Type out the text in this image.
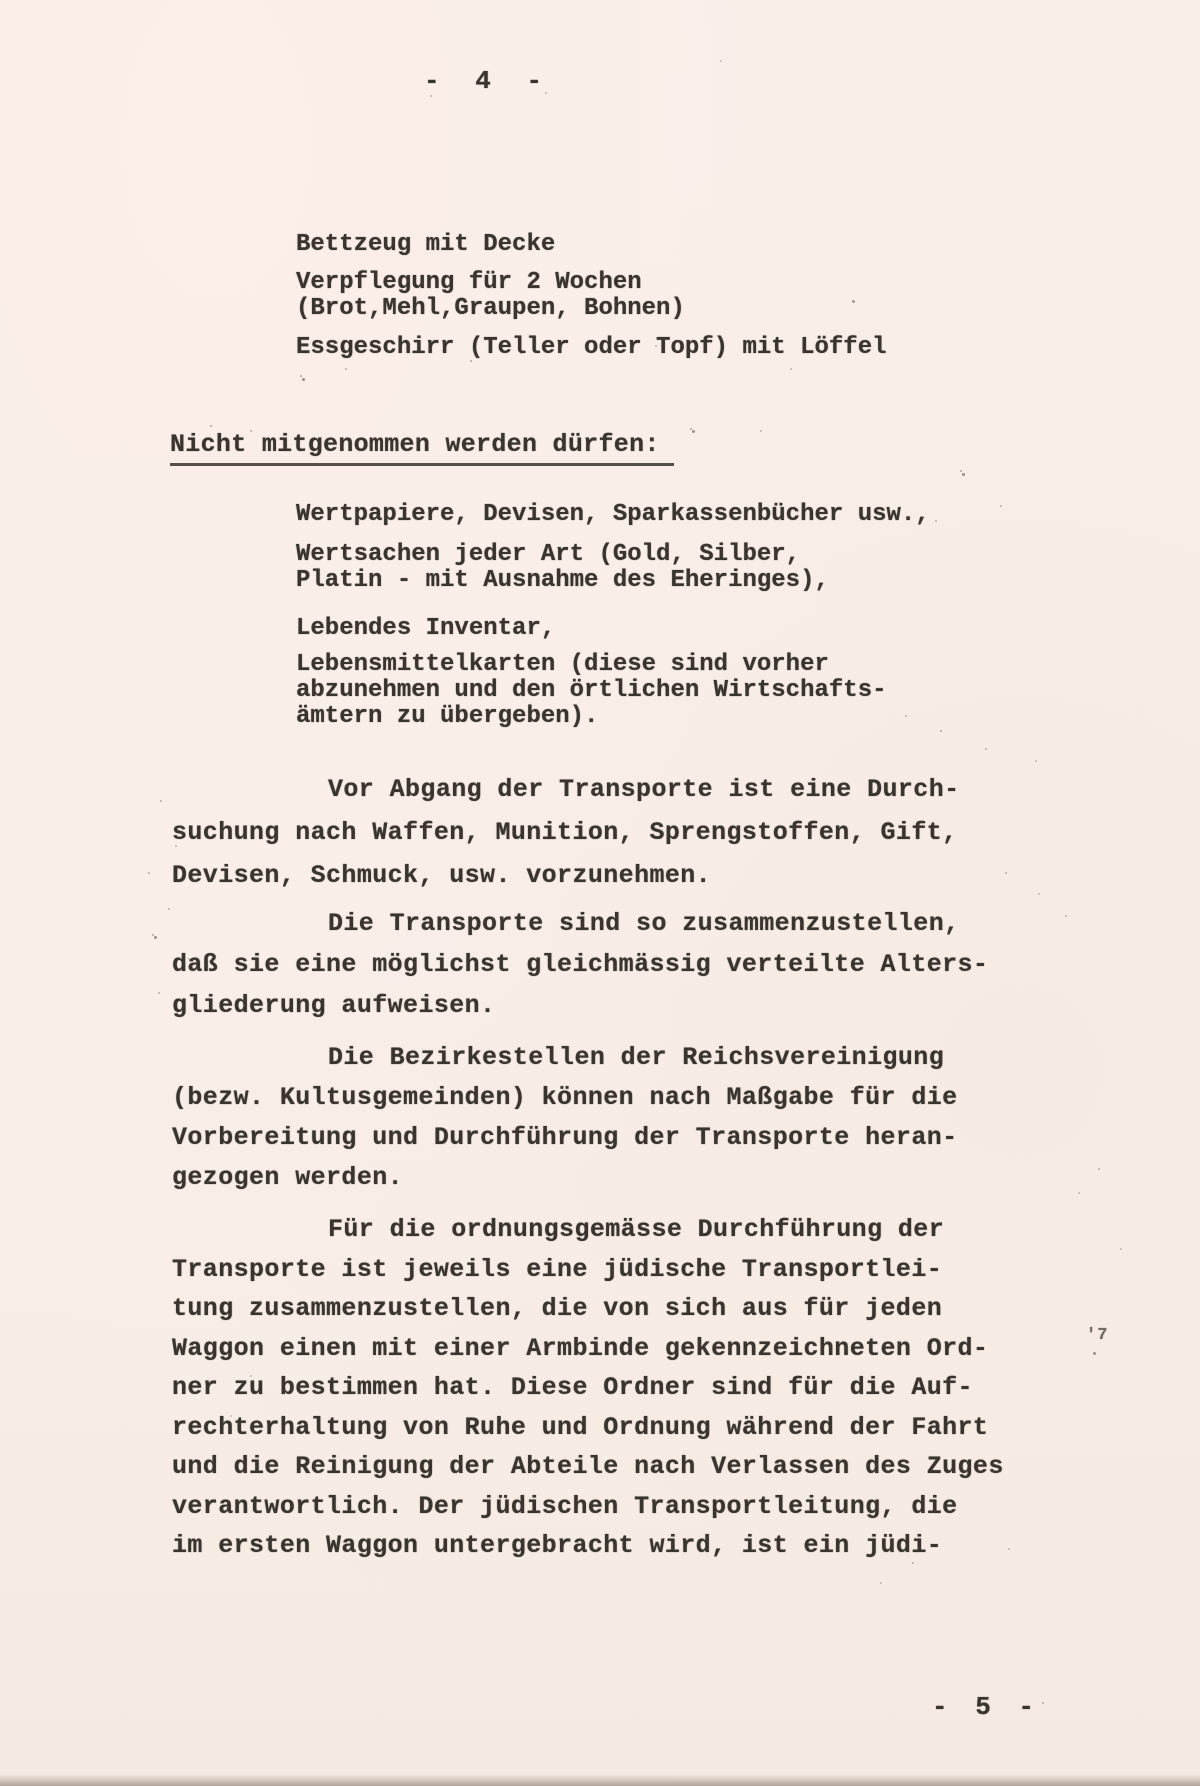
- 4 -
Bettzeug mit Decke
Verpflegung für 2 Wochen
(Brot,Mehl,Graupen, Bohnen)
Essgeschirr (Teller oder Topf) mit Löffel
Nicht mitgenommen werden dürfen:
Wertpapiere, Devisen, Sparkassenbücher usw.,
Wertsachen jeder Art (Gold, Silber,
Platin - mit Ausnahme des Eheringes),
Lebendes Inventar,
Lebensmittelkarten (diese sind vorher
abzunehmen und den örtlichen Wirtschafts-
ämtern zu übergeben).
Vor Abgang der Transporte ist eine Durch-
suchung nach Waffen, Munition, Sprengstoffen, Gift,
Devisen, Schmuck, usw. vorzunehmen.
Die Transporte sind so zusammenzustellen,
daß sie eine möglichst gleichmässig verteilte Alters-
gliederung aufweisen.
Die Bezirkestellen der Reichsvereinigung
(bezw. Kultusgemeinden) können nach Maßgabe für die
Vorbereitung und Durchführung der Transporte heran-
gezogen werden.
Für die ordnungsgemässe Durchführung der
Transporte ist jeweils eine jüdische Transportlei-
tung zusammenzustellen, die von sich aus für jeden
Waggon einen mit einer Armbinde gekennzeichneten Ord-
ner zu bestimmen hat. Diese Ordner sind für die Auf-
rechterhaltung von Ruhe und Ordnung während der Fahrt
und die Reinigung der Abteile nach Verlassen des Zuges
verantwortlich. Der jüdischen Transportleitung, die
im ersten Waggon untergebracht wird, ist ein jüdi-
'7
- 5 -
